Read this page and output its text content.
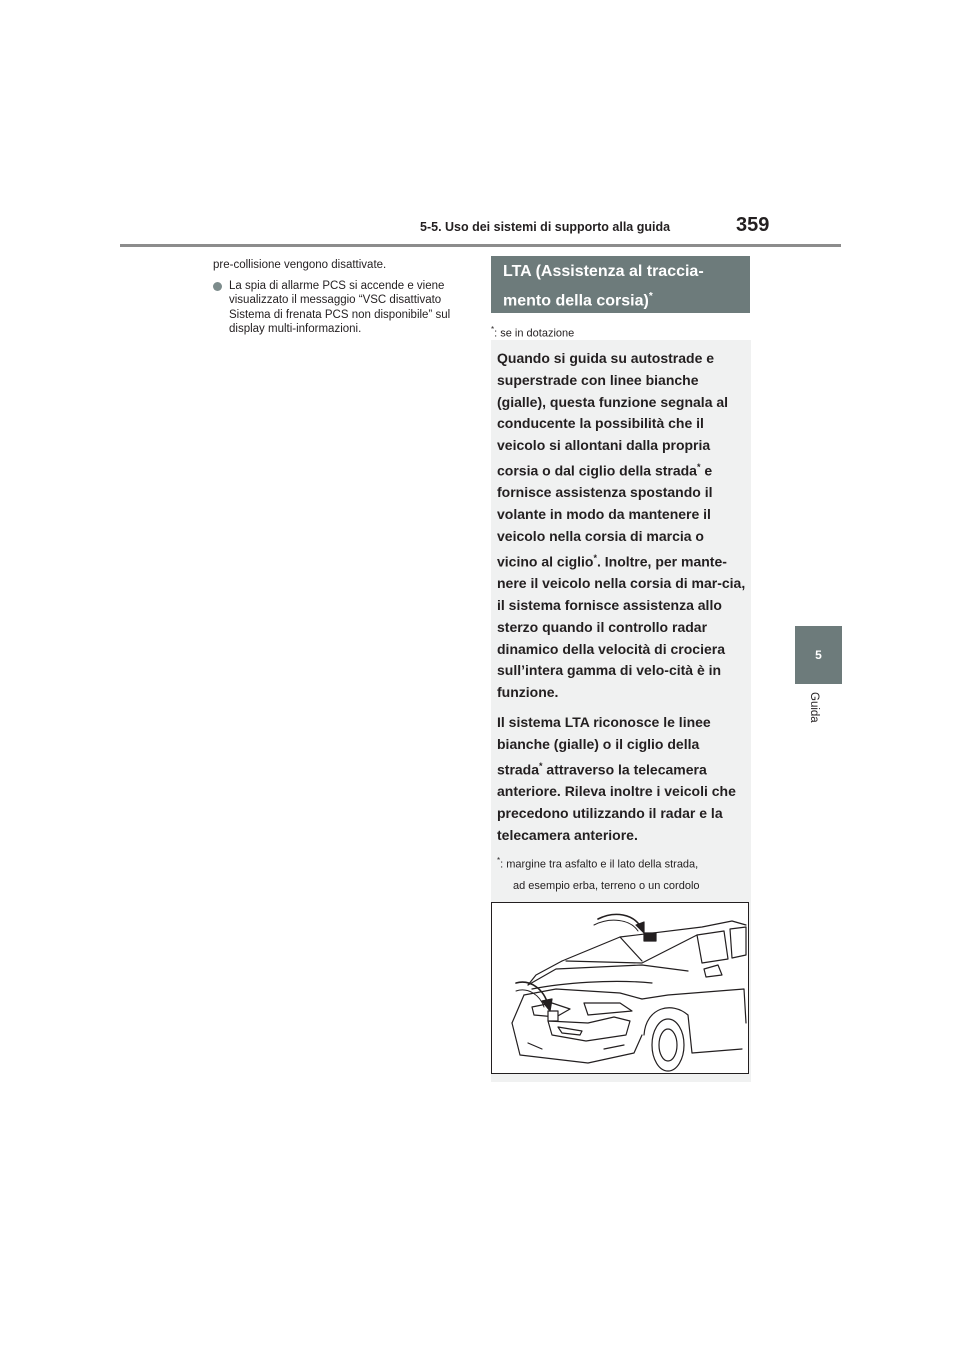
5-5. Uso dei sistemi di supporto alla guida	359
5
Guida

pre-collisione vengono disattivate.

La spia di allarme PCS si accende e viene visualizzato il messaggio “VSC disattivato Sistema di frenata PCS non disponibile” sul display multi-informazioni.

LTA (Assistenza al traccia-
mento della corsia)*
*: se in dotazione

Quando si guida su autostrade e superstrade con linee bianche (gialle), questa funzione segnala al conducente la possibilità che il veicolo si allontani dalla propria corsia o dal ciglio della strada* e fornisce assistenza spostando il volante in modo da mantenere il veicolo nella corsia di marcia o vicino al ciglio*. Inoltre, per mante-nere il veicolo nella corsia di mar-cia, il sistema fornisce assistenza allo sterzo quando il controllo radar dinamico della velocità di crociera sull’intera gamma di velo-cità è in funzione.

Il sistema LTA riconosce le linee bianche (gialle) o il ciglio della strada* attraverso la telecamera anteriore. Rileva inoltre i veicoli che precedono utilizzando il radar e la telecamera anteriore.

*: margine tra asfalto e il lato della strada,
ad esempio erba, terreno o un cordolo
